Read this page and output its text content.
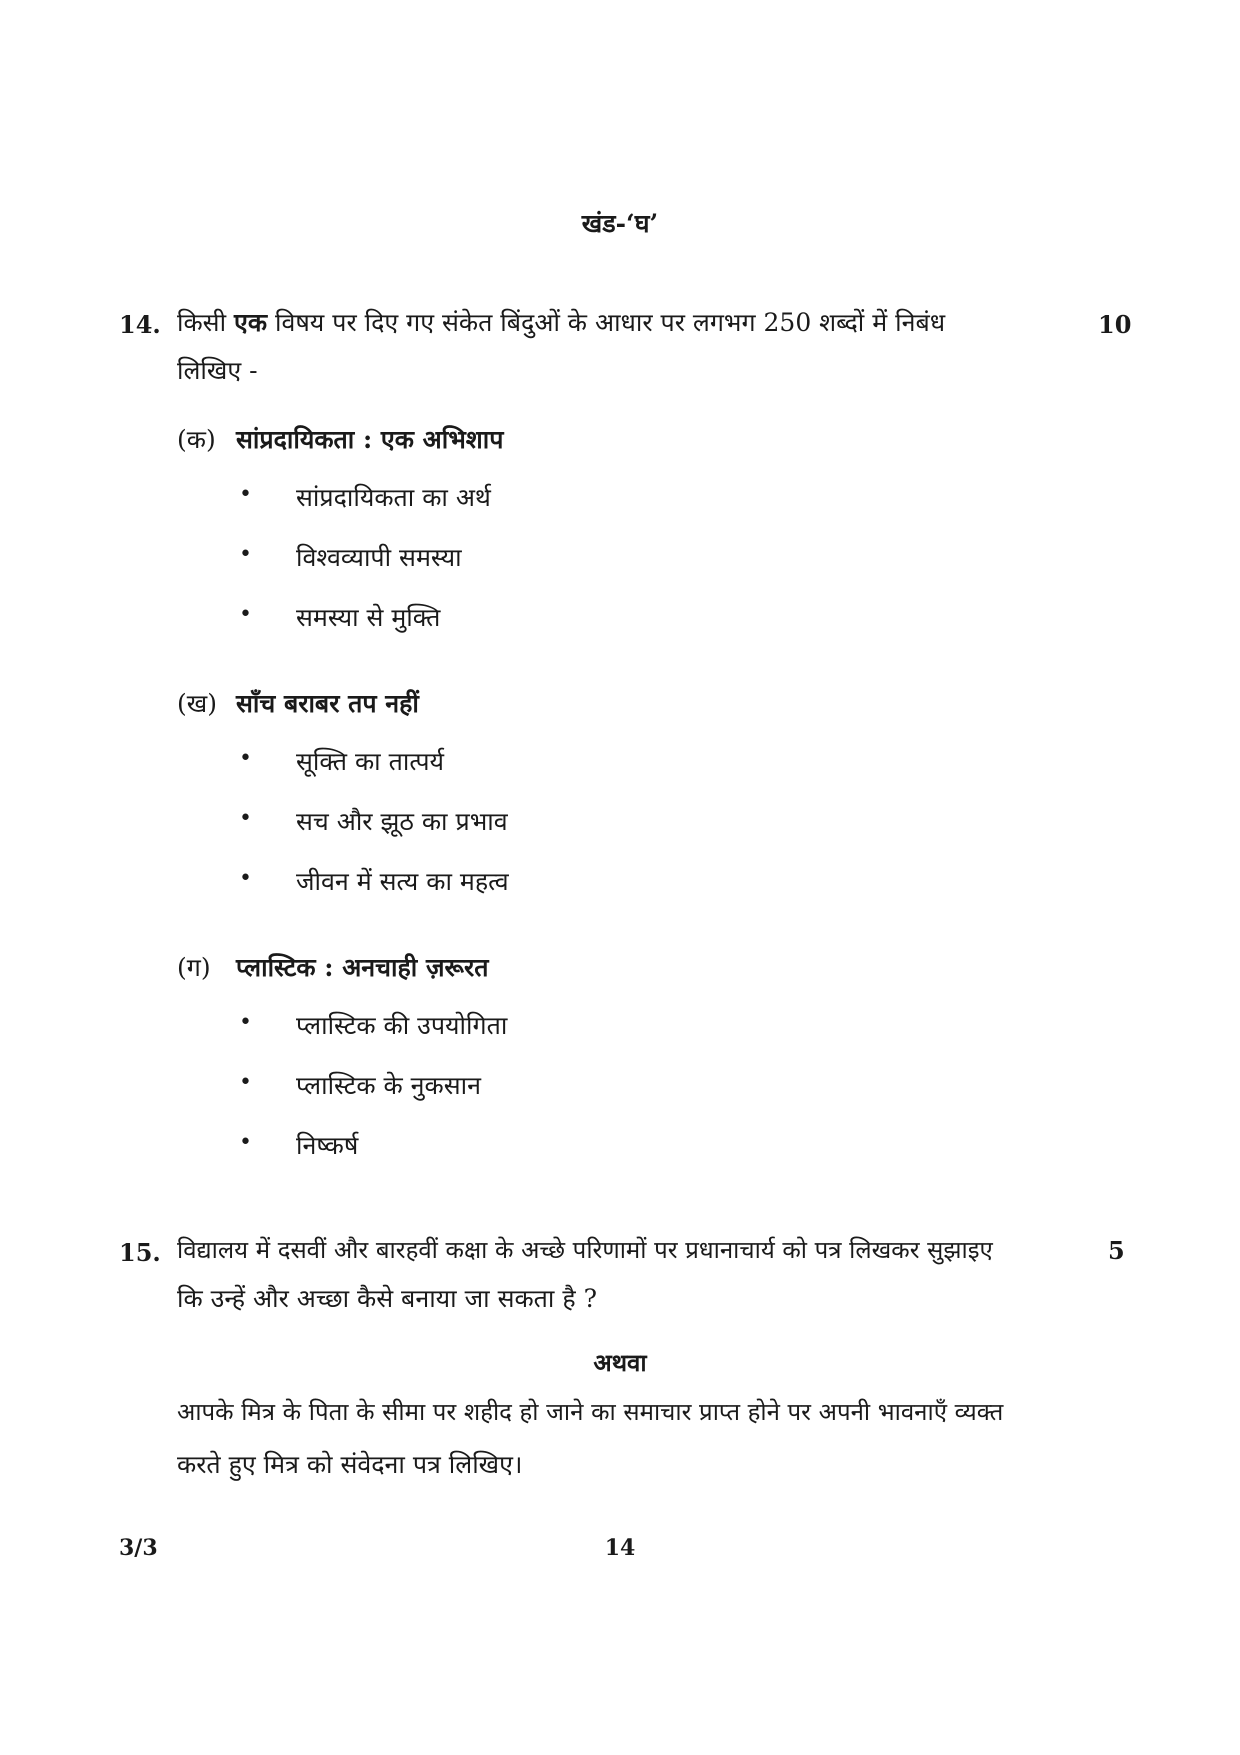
खंड-‘घ’
14. किसी एक विषय पर दिए गए संकेत बिंदुओं के आधार पर लगभग 250 शब्दों में निबंध	10
लिखिए -
(क) सांप्रदायिकता : एक अभिशाप
• सांप्रदायिकता का अर्थ
• विश्वव्यापी समस्या
• समस्या से मुक्ति
(ख) साँच बराबर तप नहीं
• सूक्ति का तात्पर्य
• सच और झूठ का प्रभाव
• जीवन में सत्य का महत्व
(ग) प्लास्टिक : अनचाही ज़रूरत
• प्लास्टिक की उपयोगिता
• प्लास्टिक के नुकसान
• निष्कर्ष
15. विद्यालय में दसवीं और बारहवीं कक्षा के अच्छे परिणामों पर प्रधानाचार्य को पत्र लिखकर सुझाइए	5
कि उन्हें और अच्छा कैसे बनाया जा सकता है ?
अथवा
आपके मित्र के पिता के सीमा पर शहीद हो जाने का समाचार प्राप्त होने पर अपनी भावनाएँ व्यक्त
करते हुए मित्र को संवेदना पत्र लिखिए।
3/3	14
